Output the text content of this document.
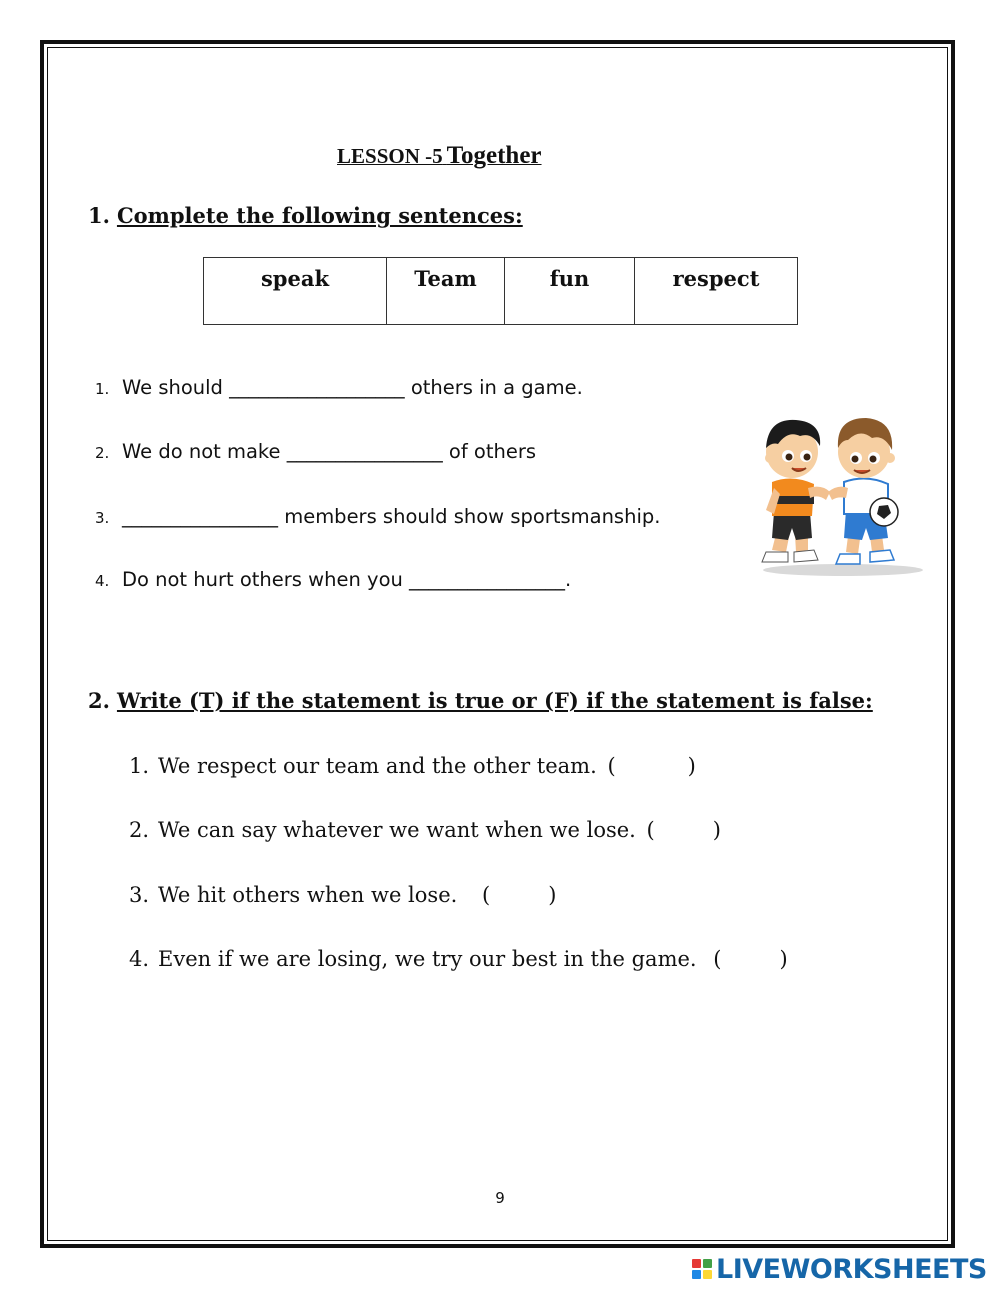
LESSON -5 Together
1. Complete the following sentences:
speak	Team	fun	respect
1. We should __________________ others in a game.
2. We do not make ________________ of others
3. ________________ members should show sportsmanship.
4. Do not hurt others when you ________________.
2. Write (T) if the statement is true or (F) if the statement is false:
1. We respect our team and the other team. (	)
2. We can say whatever we want when we lose. (	)
3. We hit others when we lose. (	)
4. Even if we are losing, we try our best in the game. (	)
9
LIVEWORKSHEETS
